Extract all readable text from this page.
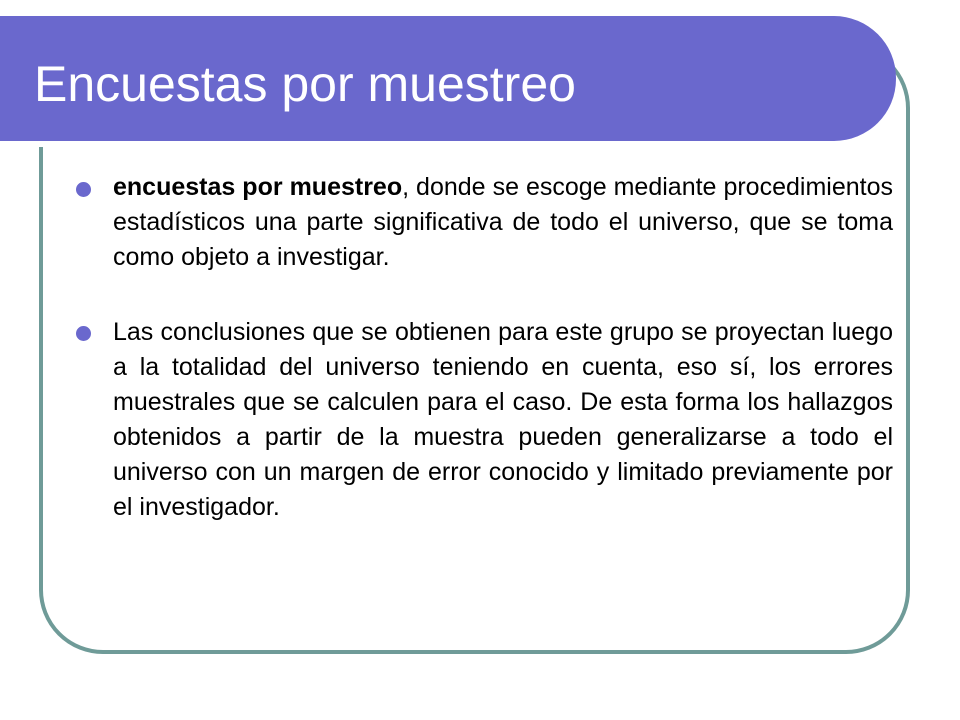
Encuestas por muestreo
encuestas por muestreo, donde se escoge mediante procedimientos estadísticos una parte significativa de todo el universo, que se toma como objeto a investigar.
Las conclusiones que se obtienen para este grupo se proyectan luego a la totalidad del universo teniendo en cuenta, eso sí, los errores muestrales que se calculen para el caso. De esta forma los hallazgos obtenidos a partir de la muestra pueden generalizarse a todo el universo con un margen de error conocido y limitado previamente por el investigador.
